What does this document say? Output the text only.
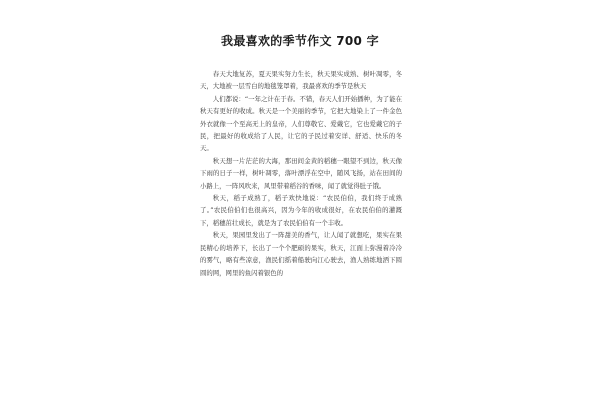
我最喜欢的季节作文 700 字

春天大地复苏，夏天果实努力生长，秋天果实成熟、树叶凋零，冬天，大地被一层雪白的地毯笼罩着，我最喜欢的季节是秋天

人们都说：“一年之计在于春。不错，春天人们开始播种，为了能在秋天有更好的收成。秋天是一个美丽的季节，它把大地染上了一件金色外衣就像一个至高无上的皇帝，人们尊敬它、爱戴它，它也爱戴它的子民，把最好的收成给了人民，让它的子民过着安详、舒适、快乐的冬天。

秋天想一片茫茫的大海，那田间金黄的稻穗一眼望不到边，秋天像下雨的日子一样，树叶凋零，落叶漂浮在空中，随风飞扬，站在田间的小路上，一阵风吹来，风里带着稻谷的香味，闻了就觉得肚子饿。

秋天，稻子成熟了，稻子欢快地说：“农民伯伯，我们终于成熟了。”农民伯伯们也很高兴，因为今年的收成很好，在农民伯伯的灌溉下，稻穗茁壮成长，就是为了农民伯伯有一个丰收。

秋天，果园里发出了一阵甜美的香气，让人闻了就想吃，果实在果民精心的培养下，长出了一个个肥硕的果实，秋天，江面上弥漫着冷冷的雾气，略有些凉意，渔民们摇着船驶向江心驶去，渔人熟练地洒下圆圆的网，网里的鱼闪着银色的
